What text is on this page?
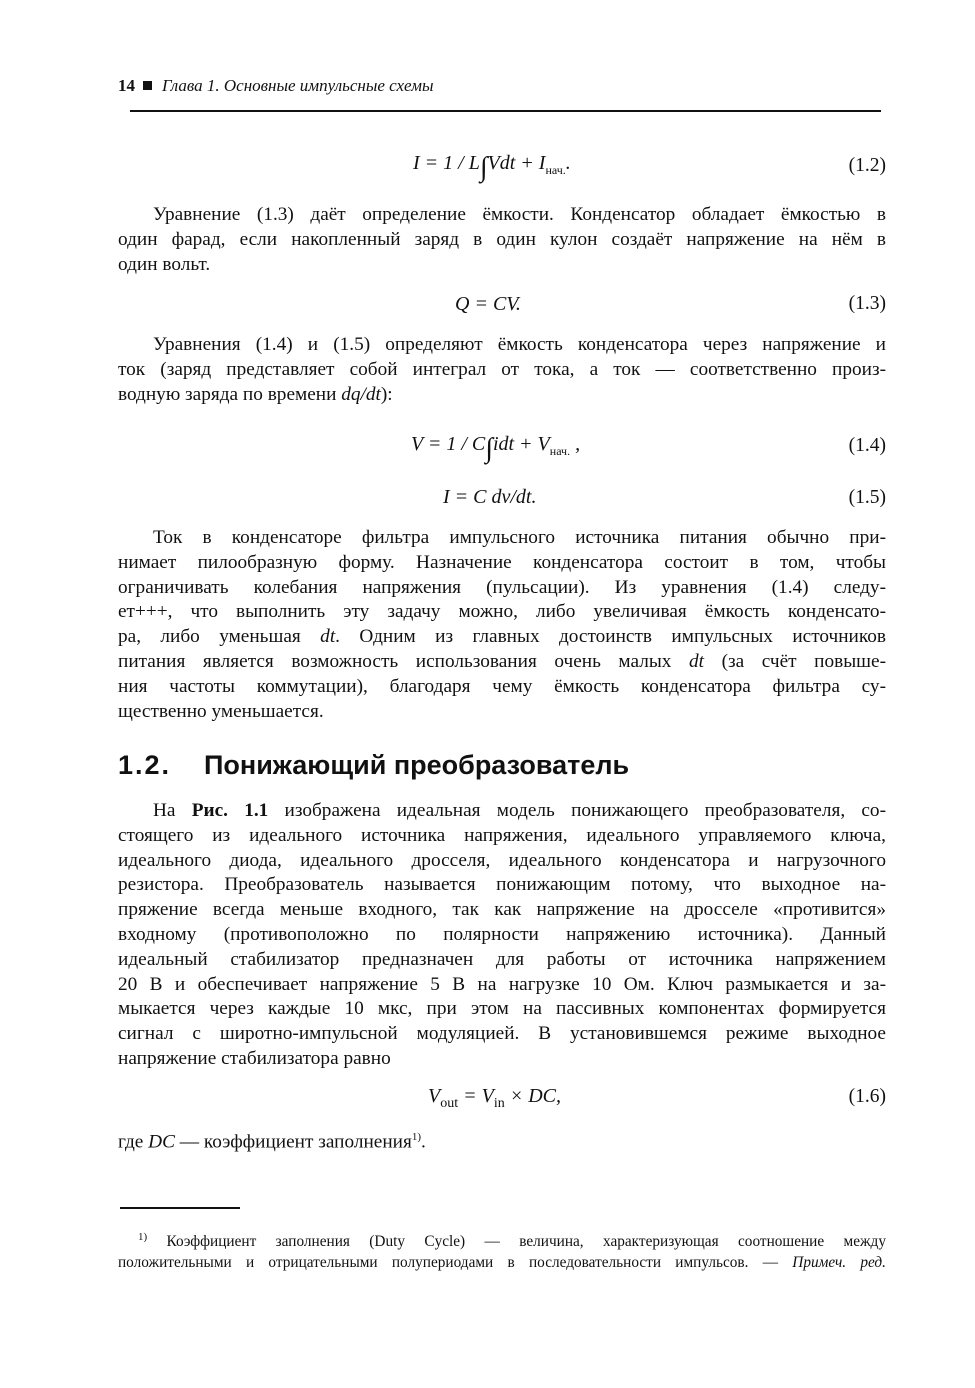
14 Глава 1. Основные импульсные схемы
$I = 1 / L\int Vdt + I_{нач.}$.	(1.2)
Уравнение (1.3) даёт определение ёмкости. Конденсатор обладает ёмкостью в
один фарад, если накопленный заряд в один кулон создаёт напряжение на нём в
один вольт.
Q = CV.	(1.3)
Уравнения (1.4) и (1.5) определяют ёмкость конденсатора через напряжение и
ток (заряд представляет собой интеграл от тока, а ток — соответственно произ-
водную заряда по времени dq/dt):
$V = 1 / C\int idt + V_{нач.}$ ,	(1.4)
I = C dv/dt.	(1.5)
Ток в конденсаторе фильтра импульсного источника питания обычно при-
нимает пилообразную форму. Назначение конденсатора состоит в том, чтобы
ограничивать колебания напряжения (пульсации). Из уравнения (1.4) следу-
ет+++, что выполнить эту задачу можно, либо увеличивая ёмкость конденсато-
ра, либо уменьшая dt. Одним из главных достоинств импульсных источников
питания является возможность использования очень малых dt (за счёт повыше-
ния частоты коммутации), благодаря чему ёмкость конденсатора фильтра су-
щественно уменьшается.
1.2. Понижающий преобразователь
На Рис. 1.1 изображена идеальная модель понижающего преобразователя, со-
стоящего из идеального источника напряжения, идеального управляемого ключа,
идеального диода, идеального дросселя, идеального конденсатора и нагрузочного
резистора. Преобразователь называется понижающим потому, что выходное на-
пряжение всегда меньше входного, так как напряжение на дросселе «противится»
входному (противоположно по полярности напряжению источника). Данный
идеальный стабилизатор предназначен для работы от источника напряжением
20 В и обеспечивает напряжение 5 В на нагрузке 10 Ом. Ключ размыкается и за-
мыкается через каждые 10 мкс, при этом на пассивных компонентах формируется
сигнал с широтно-импульсной модуляцией. В установившемся режиме выходное
напряжение стабилизатора равно
$V_{out} = V_{in}$ × DC,	(1.6)
где DC — коэффициент заполнения$^{1)}$.
$^{1)}$ Коэффициент заполнения (Duty Cycle) — величина, характеризующая соотношение между
положительными и отрицательными полупериодами в последовательности импульсов. — Примеч. ред.
